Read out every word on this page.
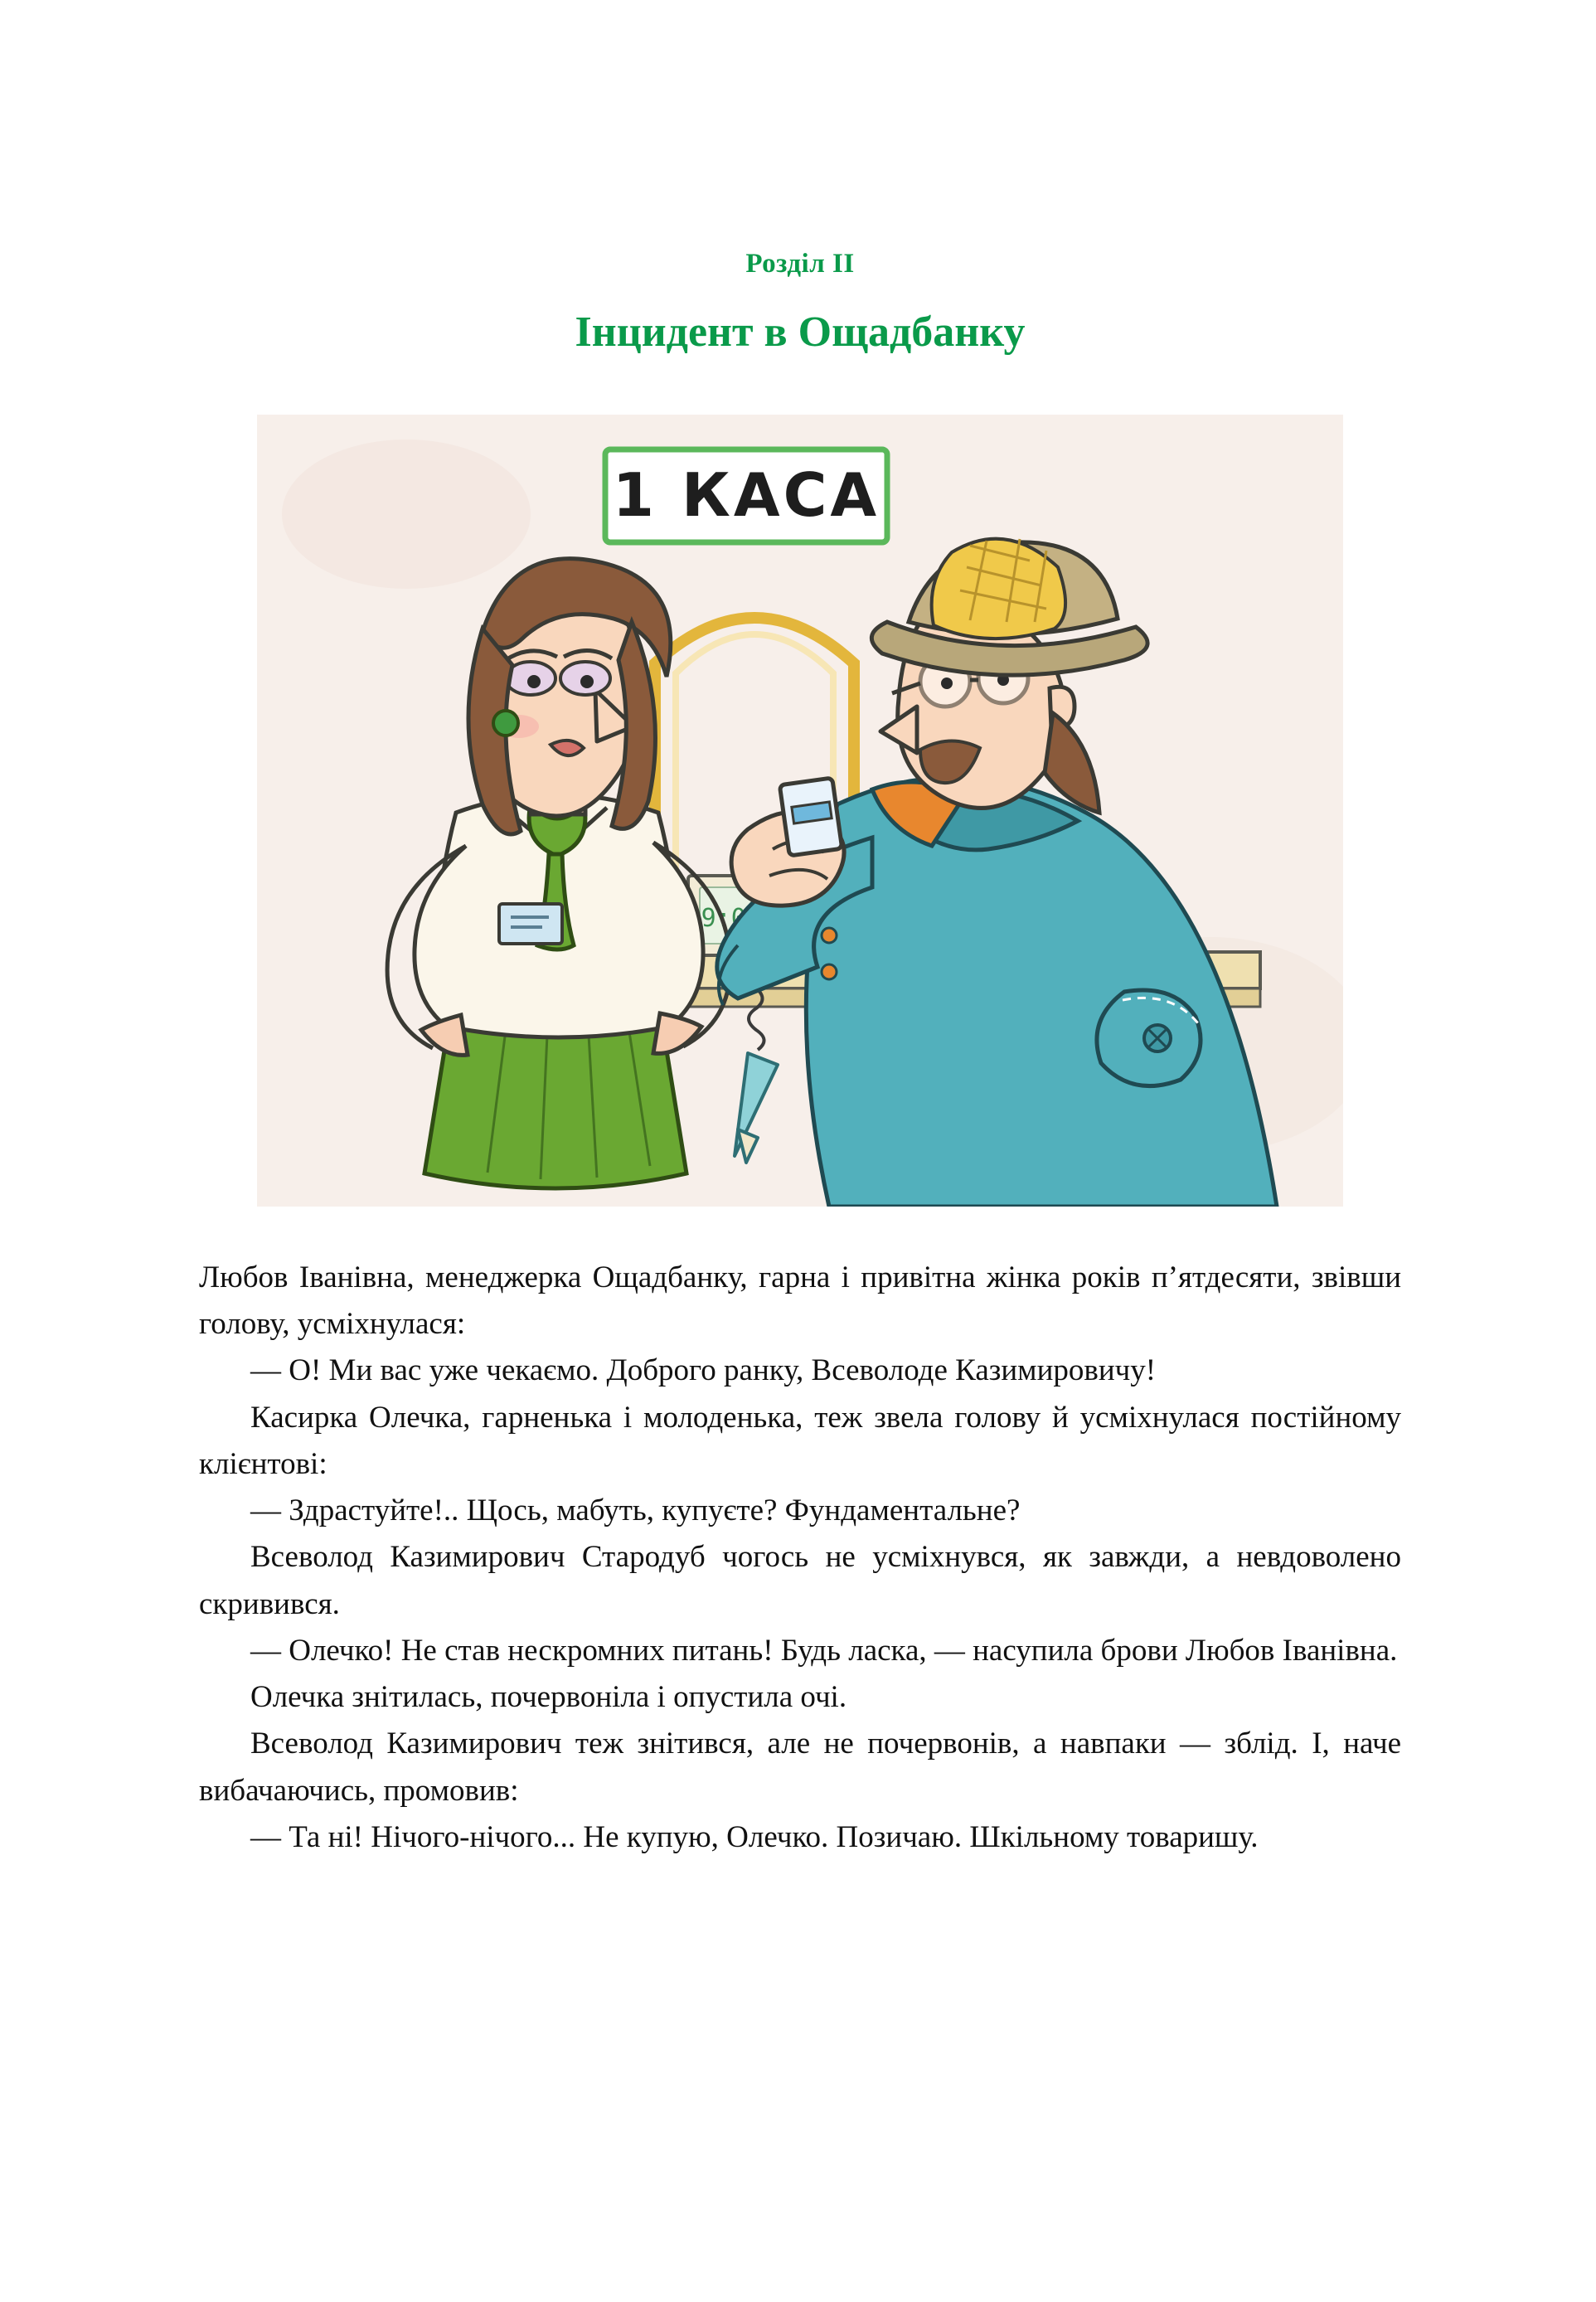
Розділ II
Інцидент в Ощадбанку
1 КАСА
09:00

Любов Іванівна, менеджерка Ощадбанку, гарна і привітна жінка років п’ятдесяти, звівши голову, усміхнулася:

— О! Ми вас уже чекаємо. Доброго ранку, Всеволоде Казимировичу!

Касирка Олечка, гарненька і молоденька, теж звела голову й усміхнулася постійному клієнтові:

— Здрастуйте!.. Щось, мабуть, купуєте? Фундаментальне?

Всеволод Казимирович Стародуб чогось не усміхнувся, як завжди, а невдоволено скривився.

— Олечко! Не став нескромних питань! Будь ласка, — насупила брови Любов Іванівна.

Олечка знітилась, почервоніла і опустила очі.

Всеволод Казимирович теж знітився, але не почервонів, а навпаки — зблід. І, наче вибачаючись, промовив:

— Та ні! Нічого-нічого... Не купую, Олечко. Позичаю. Шкільному товаришу.
